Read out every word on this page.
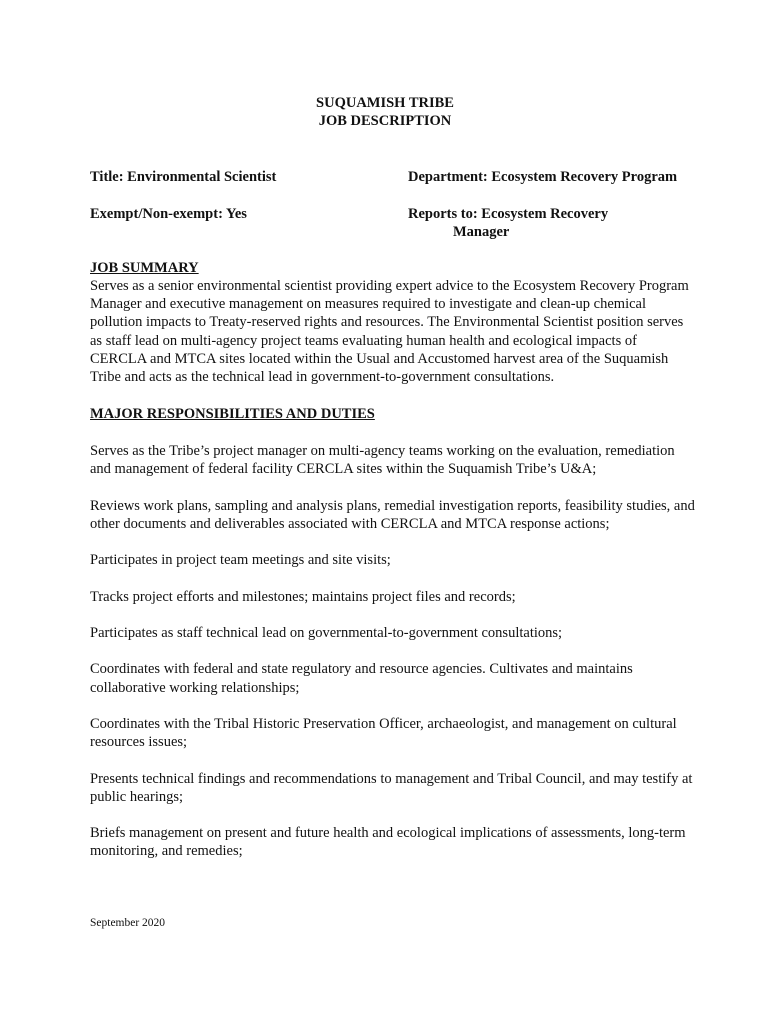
SUQUAMISH TRIBE
JOB DESCRIPTION
Title: Environmental Scientist	Department: Ecosystem Recovery Program
Exempt/Non-exempt: Yes	Reports to: Ecosystem Recovery
Manager
JOB SUMMARY
Serves as a senior environmental scientist providing expert advice to the Ecosystem Recovery Program Manager and executive management on measures required to investigate and clean-up chemical pollution impacts to Treaty-reserved rights and resources. The Environmental Scientist position serves as staff lead on multi-agency project teams evaluating human health and ecological impacts of CERCLA and MTCA sites located within the Usual and Accustomed harvest area of the Suquamish Tribe and acts as the technical lead in government-to-government consultations.
MAJOR RESPONSIBILITIES AND DUTIES
Serves as the Tribe’s project manager on multi-agency teams working on the evaluation, remediation and management of federal facility CERCLA sites within the Suquamish Tribe’s U&A;
Reviews work plans, sampling and analysis plans, remedial investigation reports, feasibility studies, and other documents and deliverables associated with CERCLA and MTCA response actions;
Participates in project team meetings and site visits;
Tracks project efforts and milestones; maintains project files and records;
Participates as staff technical lead on governmental-to-government consultations;
Coordinates with federal and state regulatory and resource agencies. Cultivates and maintains collaborative working relationships;
Coordinates with the Tribal Historic Preservation Officer, archaeologist, and management on cultural resources issues;
Presents technical findings and recommendations to management and Tribal Council, and may testify at public hearings;
Briefs management on present and future health and ecological implications of assessments, long-term monitoring, and remedies;
September 2020
